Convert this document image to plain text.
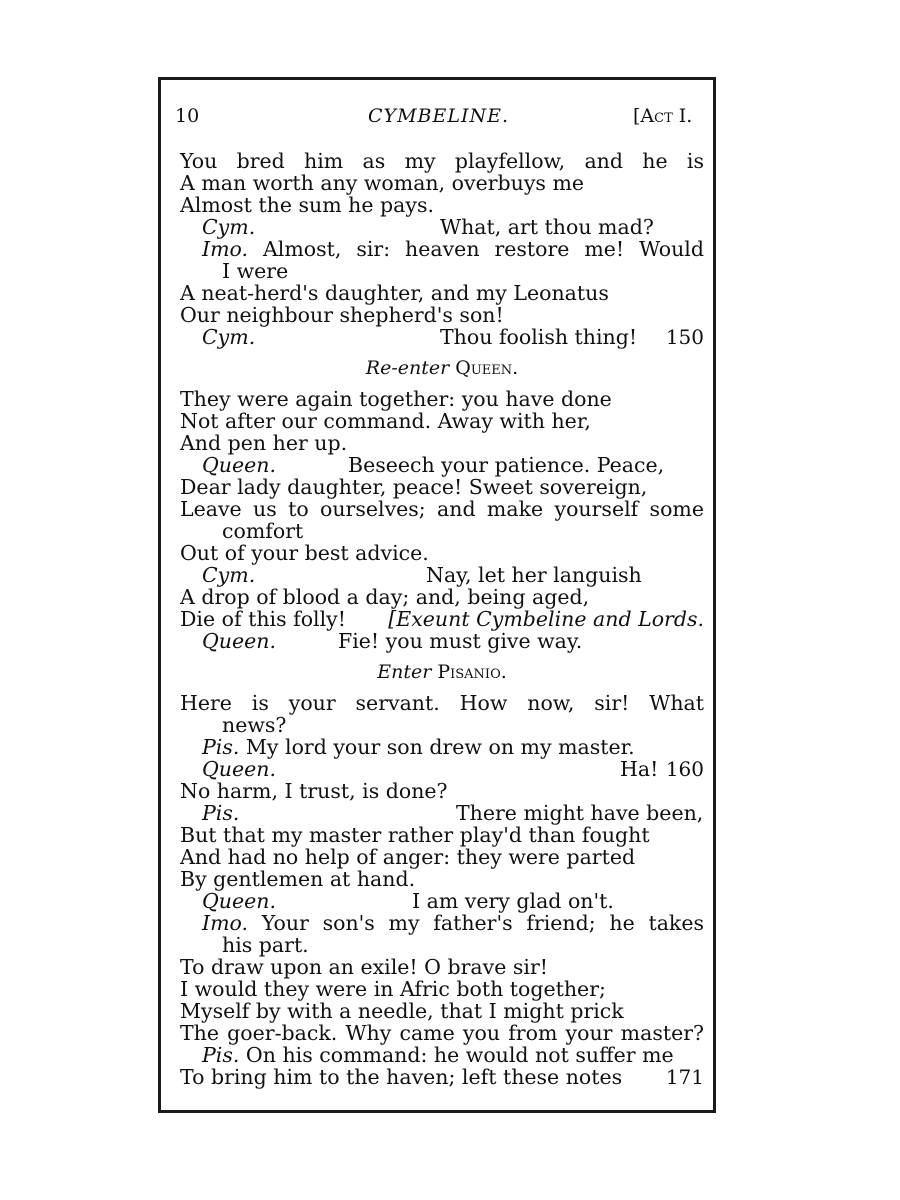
10	CYMBELINE.	[Act I.
You bred him as my playfellow, and he is
A man worth any woman, overbuys me
Almost the sum he pays.
Cym.	What, art thou mad?
Imo. Almost, sir: heaven restore me! Would
I were
A neat-herd's daughter, and my Leonatus
Our neighbour shepherd's son!
Cym.	Thou foolish thing! 150
Re-enter Queen.
They were again together: you have done
Not after our command. Away with her,
And pen her up.
Queen.	Beseech your patience. Peace,
Dear lady daughter, peace! Sweet sovereign,
Leave us to ourselves; and make yourself some
comfort
Out of your best advice.
Cym.	Nay, let her languish
A drop of blood a day; and, being aged,
Die of this folly! [Exeunt Cymbeline and Lords.
Queen.	Fie! you must give way.
Enter Pisanio.
Here is your servant. How now, sir! What
news?
Pis. My lord your son drew on my master.
Queen.	Ha! 160
No harm, I trust, is done?
Pis.	There might have been,
But that my master rather play'd than fought
And had no help of anger: they were parted
By gentlemen at hand.
Queen.	I am very glad on't.
Imo. Your son's my father's friend; he takes
his part.
To draw upon an exile! O brave sir!
I would they were in Afric both together;
Myself by with a needle, that I might prick
The goer-back. Why came you from your master?
Pis. On his command: he would not suffer me
To bring him to the haven; left these notes	171
